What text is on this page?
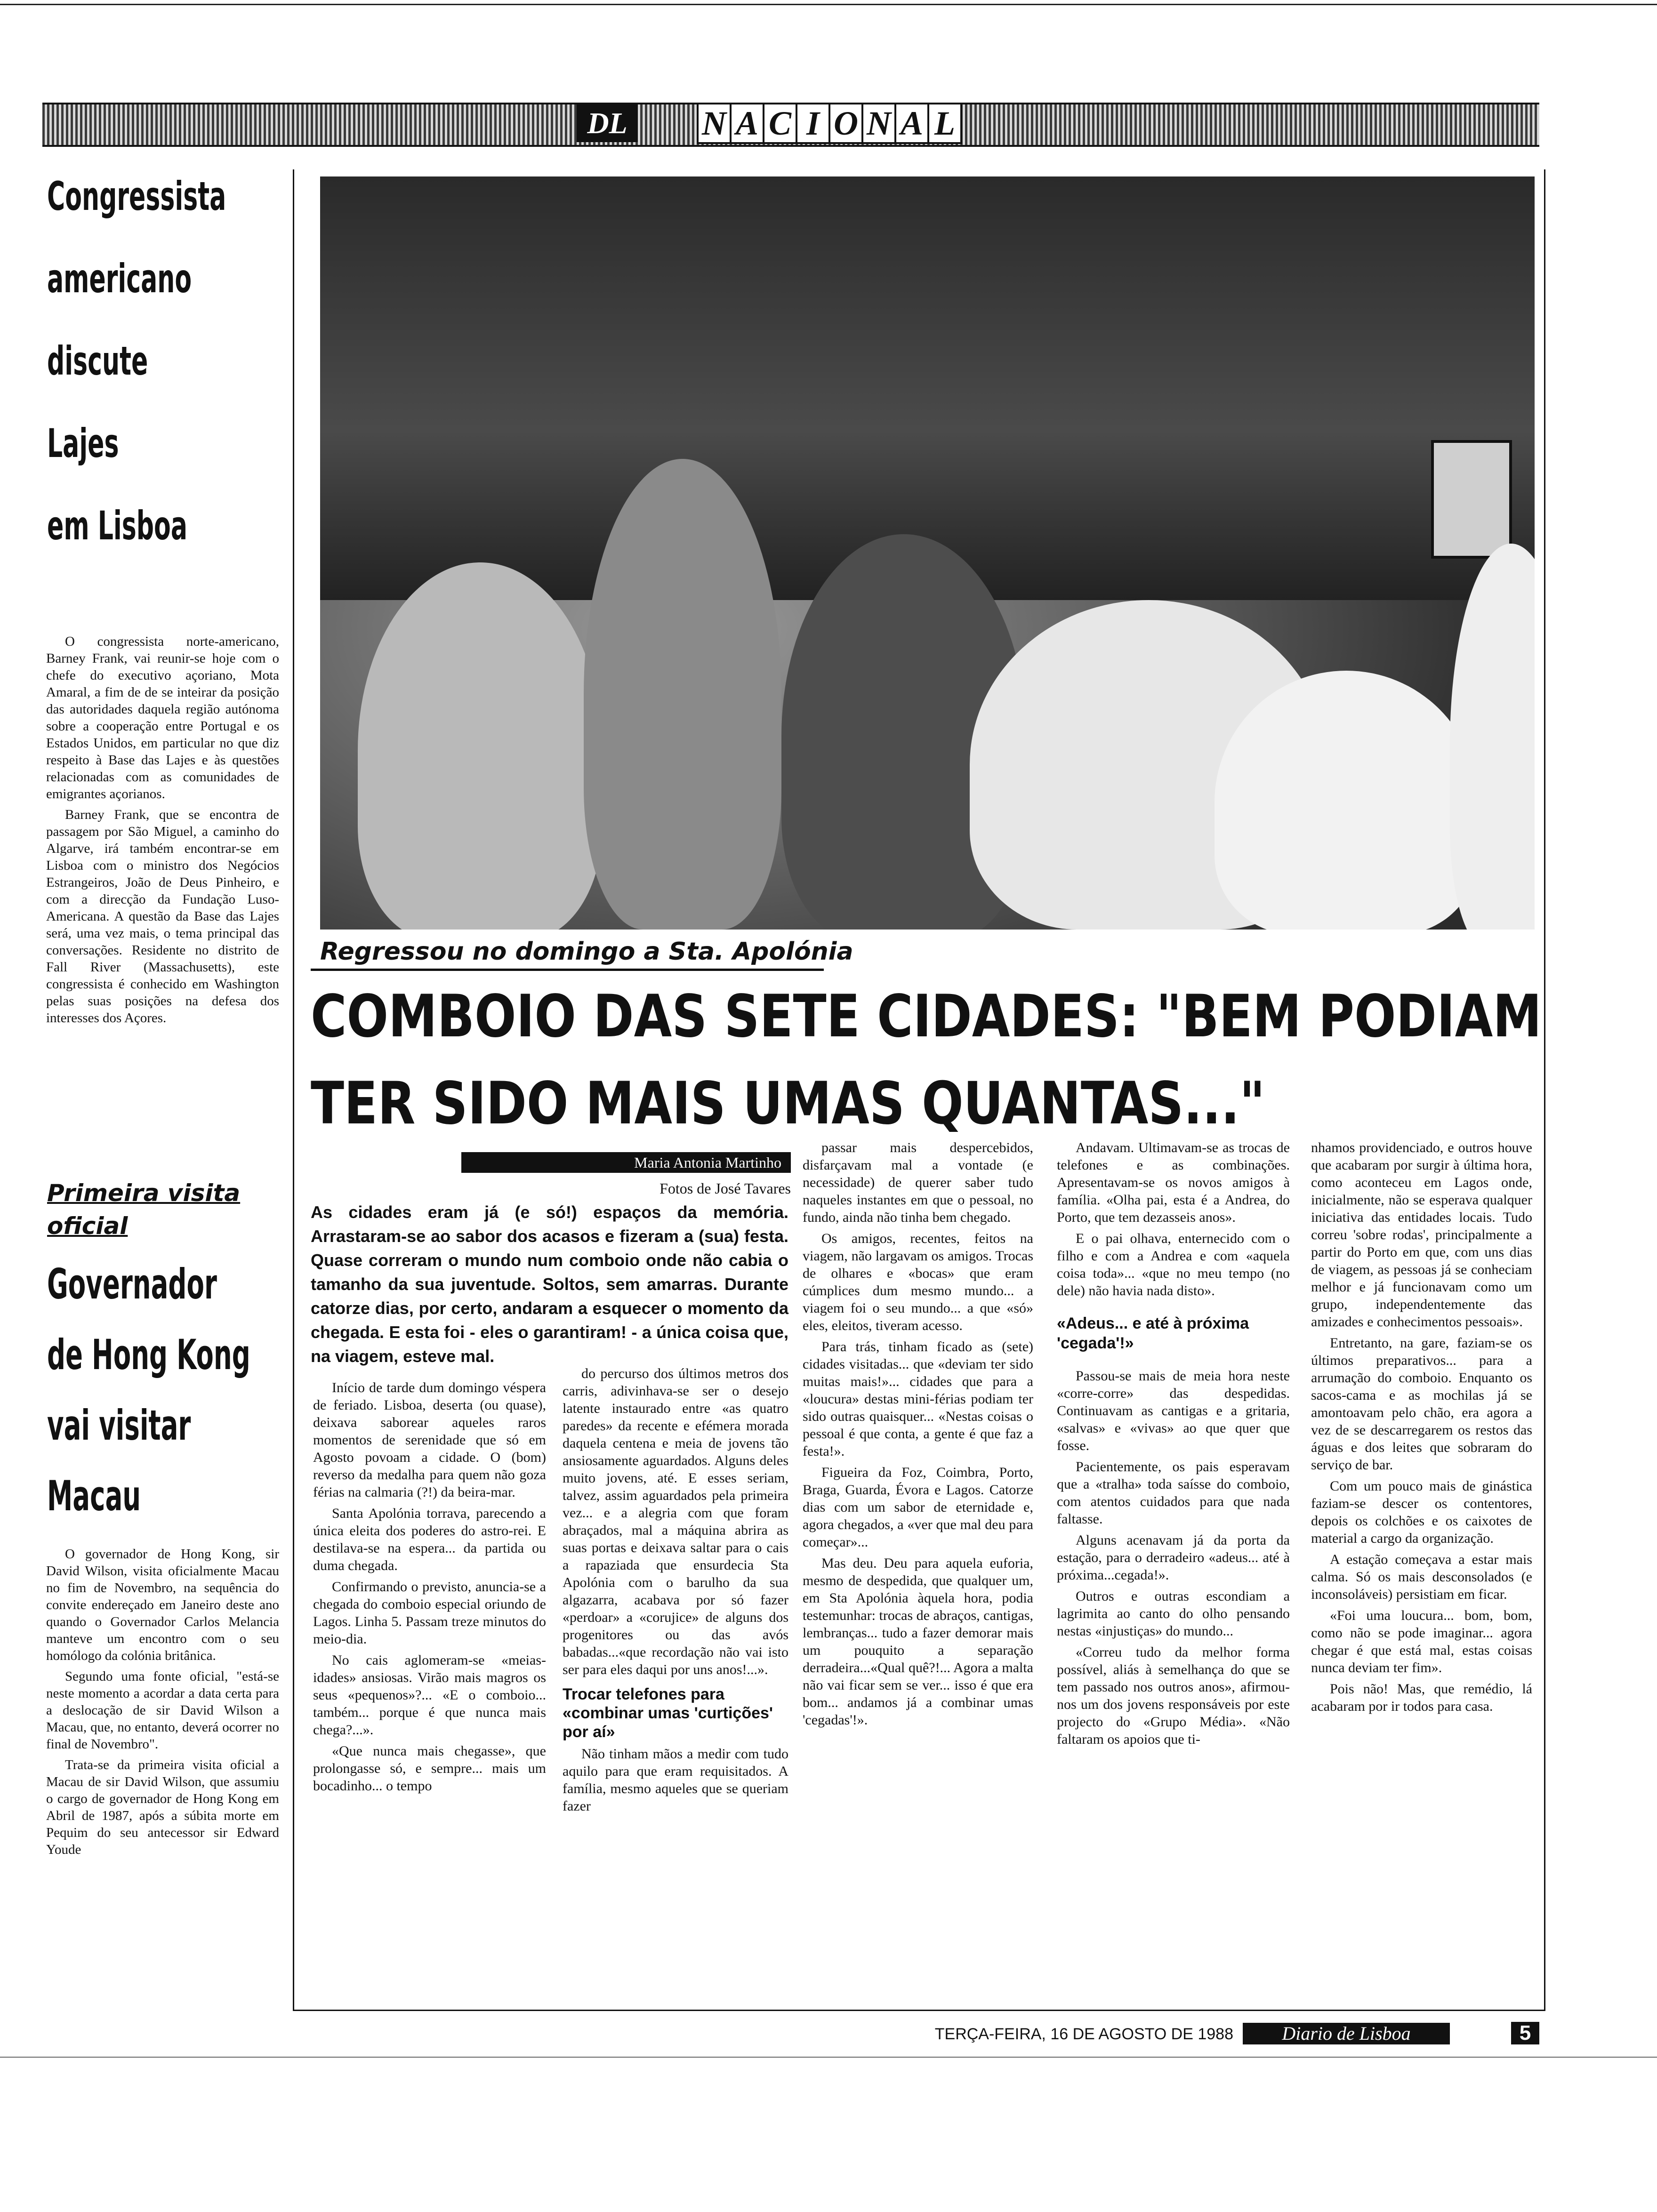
DL	N A C I O N A L
Congressista
americano
discute
Lajes
em Lisboa

O congressista norte-americano, Barney Frank, vai reunir-se hoje com o chefe do executivo açoriano, Mota Amaral, a fim de de se inteirar da posição das autoridades daquela região autónoma sobre a cooperação entre Portugal e os Estados Unidos, em particular no que diz respeito à Base das Lajes e às questões relacionadas com as comunidades de emigrantes açorianos.

Barney Frank, que se encontra de passagem por São Miguel, a caminho do Algarve, irá também encontrar-se em Lisboa com o ministro dos Negócios Estrangeiros, João de Deus Pinheiro, e com a direcção da Fundação Luso-Americana. A questão da Base das Lajes será, uma vez mais, o tema principal das conversações. Residente no distrito de Fall River (Massachusetts), este congressista é conhecido em Washington pelas suas posições na defesa dos interesses dos Açores.

Primeira visita
oficial
Governador
de Hong Kong
vai visitar
Macau

O governador de Hong Kong, sir David Wilson, visita oficialmente Macau no fim de Novembro, na sequência do convite endereçado em Janeiro deste ano quando o Governador Carlos Melancia manteve um encontro com o seu homólogo da colónia britânica.

Segundo uma fonte oficial, "está-se neste momento a acordar a data certa para a deslocação de sir David Wilson a Macau, que, no entanto, deverá ocorrer no final de Novembro".

Trata-se da primeira visita oficial a Macau de sir David Wilson, que assumiu o cargo de governador de Hong Kong em Abril de 1987, após a súbita morte em Pequim do seu antecessor sir Edward Youde

Regressou no domingo a Sta. Apolónia
COMBOIO DAS SETE CIDADES: "BEM PODIAM
TER SIDO MAIS UMAS QUANTAS..."
Maria Antonia Martinho
Fotos de José Tavares
As cidades eram já (e só!) espaços da memória. Arrastaram-se ao sabor dos acasos e fizeram a (sua) festa. Quase correram o mundo num comboio onde não cabia o tamanho da sua juventude. Soltos, sem amarras. Durante catorze dias, por certo, andaram a esquecer o momento da chegada. E esta foi - eles o garantiram! - a única coisa que, na viagem, esteve mal.

Início de tarde dum domingo véspera de feriado. Lisboa, deserta (ou quase), deixava saborear aqueles raros momentos de serenidade que só em Agosto povoam a cidade. O (bom) reverso da medalha para quem não goza férias na calmaria (?!) da beira-mar.

Santa Apolónia torrava, parecendo a única eleita dos poderes do astro-rei. E destilava-se na espera... da partida ou duma chegada.

Confirmando o previsto, anuncia-se a chegada do comboio especial oriundo de Lagos. Linha 5. Passam treze minutos do meio-dia.

No cais aglomeram-se «meias-idades» ansiosas. Virão mais magros os seus «pequenos»?... «E o comboio... também... porque é que nunca mais chega?...».

«Que nunca mais chegasse», que prolongasse só, e sempre... mais um bocadinho... o tempo

do percurso dos últimos metros dos carris, adivinhava-se ser o desejo latente instaurado entre «as quatro paredes» da recente e efémera morada daquela centena e meia de jovens tão ansiosamente aguardados. Alguns deles muito jovens, até. E esses seriam, talvez, assim aguardados pela primeira vez... e a alegria com que foram abraçados, mal a máquina abrira as suas portas e deixava saltar para o cais a rapaziada que ensurdecia Sta Apolónia com o barulho da sua algazarra, acabava por só fazer «perdoar» a «corujice» de alguns dos progenitores ou das avós babadas...«que recordação não vai isto ser para eles daqui por uns anos!...».

Trocar telefones para «combinar umas 'curtições' por aí»

Não tinham mãos a medir com tudo aquilo para que eram requisitados. A família, mesmo aqueles que se queriam fazer

passar mais despercebidos, disfarçavam mal a vontade (e necessidade) de querer saber tudo naqueles instantes em que o pessoal, no fundo, ainda não tinha bem chegado.

Os amigos, recentes, feitos na viagem, não largavam os amigos. Trocas de olhares e «bocas» que eram cúmplices dum mesmo mundo... a viagem foi o seu mundo... a que «só» eles, eleitos, tiveram acesso.

Para trás, tinham ficado as (sete) cidades visitadas... que «deviam ter sido muitas mais!»... cidades que para a «loucura» destas mini-férias podiam ter sido outras quaisquer... «Nestas coisas o pessoal é que conta, a gente é que faz a festa!».

Figueira da Foz, Coimbra, Porto, Braga, Guarda, Évora e Lagos. Catorze dias com um sabor de eternidade e, agora chegados, a «ver que mal deu para começar»...

Mas deu. Deu para aquela euforia, mesmo de despedida, que qualquer um, em Sta Apolónia àquela hora, podia testemunhar: trocas de abraços, cantigas, lembranças... tudo a fazer demorar mais um pouquito a separação derradeira...«Qual quê?!... Agora a malta não vai ficar sem se ver... isso é que era bom... andamos já a combinar umas 'cegadas'!».

Andavam. Ultimavam-se as trocas de telefones e as combinações. Apresentavam-se os novos amigos à família. «Olha pai, esta é a Andrea, do Porto, que tem dezasseis anos».

E o pai olhava, enternecido com o filho e com a Andrea e com «aquela coisa toda»... «que no meu tempo (no dele) não havia nada disto».

«Adeus... e até à próxima 'cegada'!»

Passou-se mais de meia hora neste «corre-corre» das despedidas. Continuavam as cantigas e a gritaria, «salvas» e «vivas» ao que quer que fosse.

Pacientemente, os pais esperavam que a «tralha» toda saísse do comboio, com atentos cuidados para que nada faltasse.

Alguns acenavam já da porta da estação, para o derradeiro «adeus... até à próxima...cegada!».

Outros e outras escondiam a lagrimita ao canto do olho pensando nestas «injustiças» do mundo...

«Correu tudo da melhor forma possível, aliás à semelhança do que se tem passado nos outros anos», afirmou-nos um dos jovens responsáveis por este projecto do «Grupo Média». «Não faltaram os apoios que ti-

nhamos providenciado, e outros houve que acabaram por surgir à última hora, como aconteceu em Lagos onde, inicialmente, não se esperava qualquer iniciativa das entidades locais. Tudo correu 'sobre rodas', principalmente a partir do Porto em que, com uns dias de viagem, as pessoas já se conheciam melhor e já funcionavam como um grupo, independentemente das amizades e conhecimentos pessoais».

Entretanto, na gare, faziam-se os últimos preparativos... para a arrumação do comboio. Enquanto os sacos-cama e as mochilas já se amontoavam pelo chão, era agora a vez de se descarregarem os restos das águas e dos leites que sobraram do serviço de bar.

Com um pouco mais de ginástica faziam-se descer os contentores, depois os colchões e os caixotes de material a cargo da organização.

A estação começava a estar mais calma. Só os mais desconsolados (e inconsoláveis) persistiam em ficar.

«Foi uma loucura... bom, bom, como não se pode imaginar... agora chegar é que está mal, estas coisas nunca deviam ter fim».

Pois não! Mas, que remédio, lá acabaram por ir todos para casa.

TERÇA-FEIRA, 16 DE AGOSTO DE 1988	Diario de Lisboa	5
